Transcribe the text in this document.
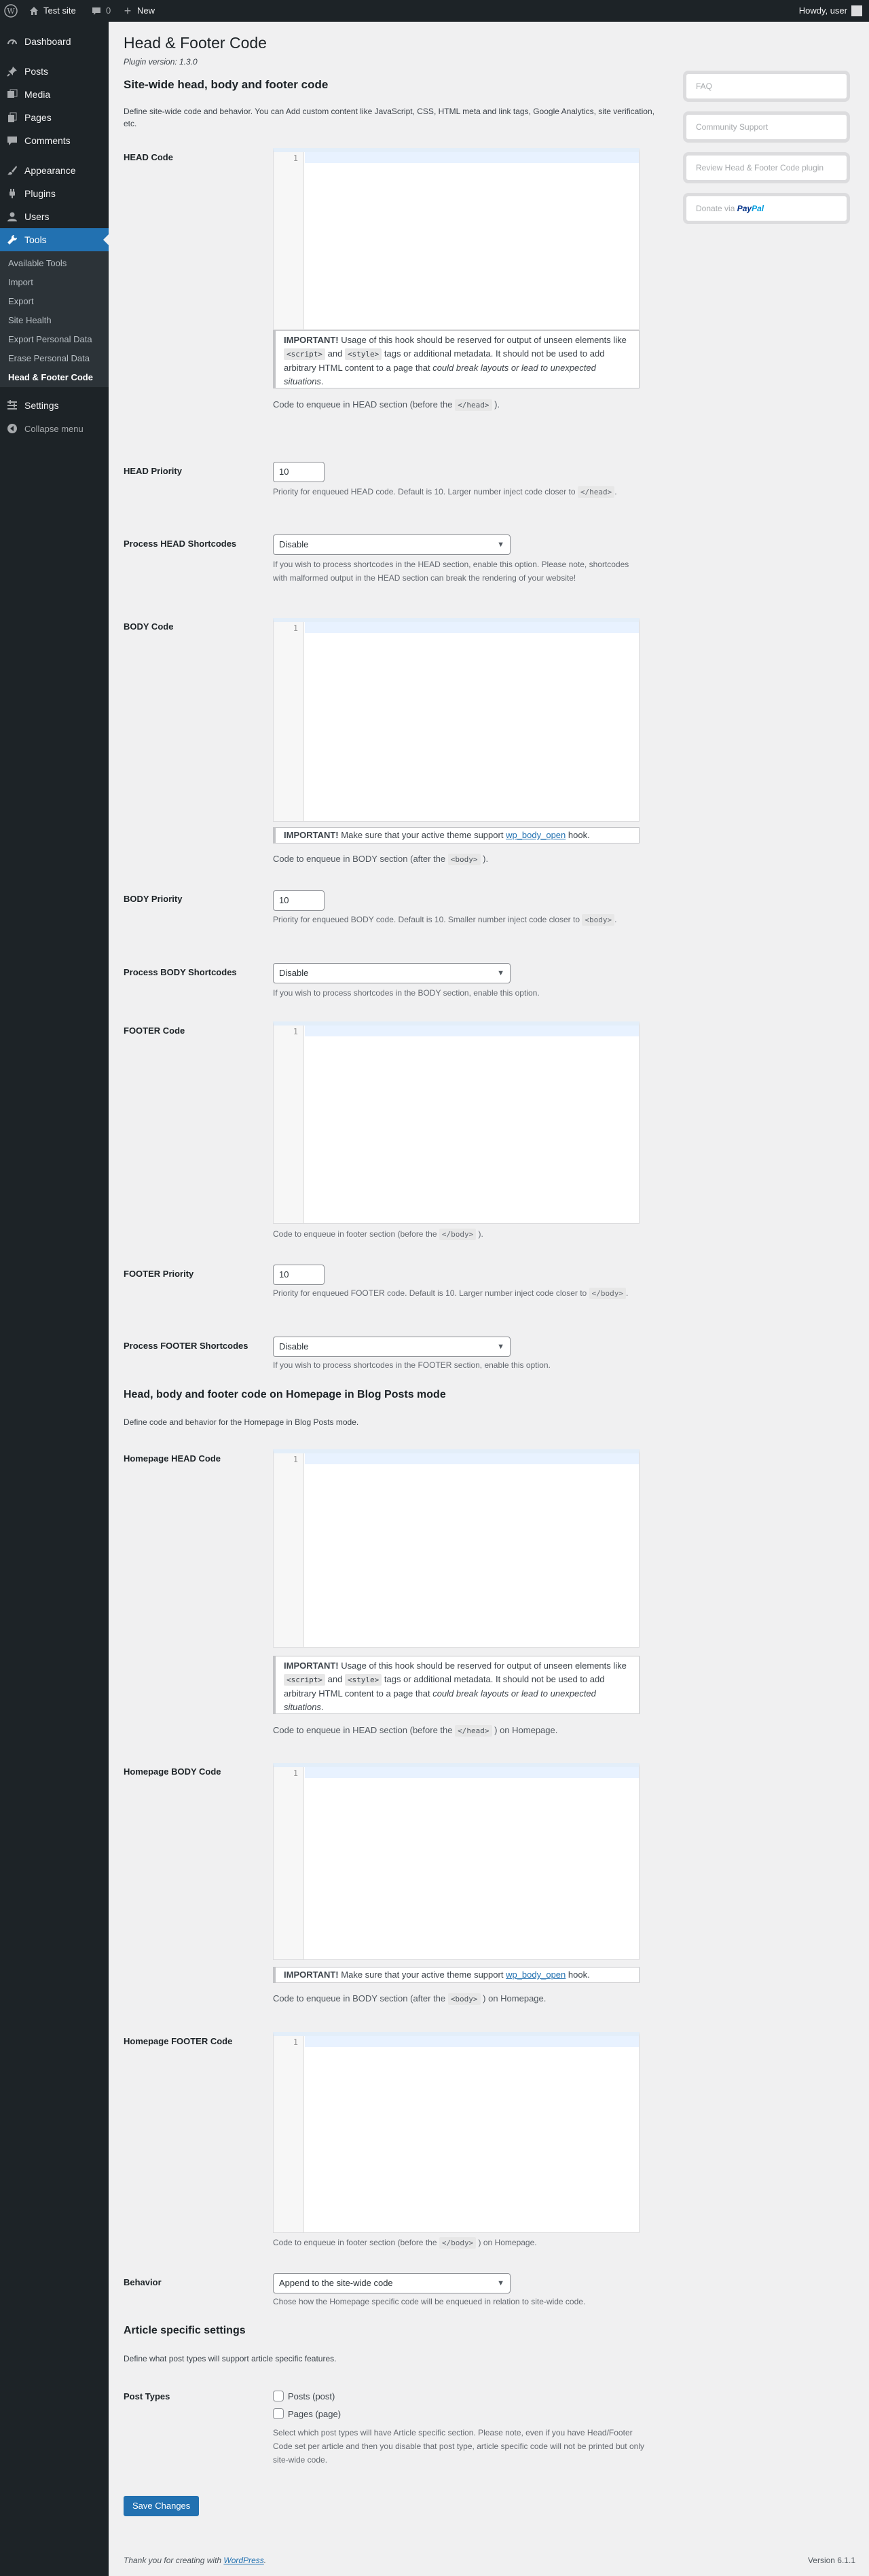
W	Test site	0 + New	Howdy, user
Dashboard
Posts
Media
Pages
Comments
Appearance
Plugins
Users
Tools
Available Tools
Import
Export
Site Health
Export Personal Data
Erase Personal Data
Head & Footer Code
Settings
Collapse menu
Head & Footer Code
Plugin version: 1.3.0
FAQ
Community Support
Review Head & Footer Code plugin
Donate via PayPal
Site-wide head, body and footer code
Define site-wide code and behavior. You can Add custom content like JavaScript, CSS, HTML meta and link tags, Google Analytics, site verification, etc.
HEAD Code	1
IMPORTANT! Usage of this hook should be reserved for output of unseen elements like <script> and <style> tags or additional metadata. It should not be used to add arbitrary HTML content to a page that could break layouts or lead to unexpected situations.
Code to enqueue in HEAD section (before the </head> ).
HEAD Priority	10
Priority for enqueued HEAD code. Default is 10. Larger number inject code closer to </head> .
Process HEAD Shortcodes	Disable	▼
If you wish to process shortcodes in the HEAD section, enable this option. Please note, shortcodes with malformed output in the HEAD section can break the rendering of your website!
BODY Code	1
IMPORTANT! Make sure that your active theme support wp_body_open hook.
Code to enqueue in BODY section (after the <body> ).
BODY Priority	10
Priority for enqueued BODY code. Default is 10. Smaller number inject code closer to <body> .
Process BODY Shortcodes	Disable	▼
If you wish to process shortcodes in the BODY section, enable this option.
FOOTER Code	1
Code to enqueue in footer section (before the </body> ).
FOOTER Priority	10
Priority for enqueued FOOTER code. Default is 10. Larger number inject code closer to </body> .
Process FOOTER Shortcodes	Disable	▼
If you wish to process shortcodes in the FOOTER section, enable this option.
Head, body and footer code on Homepage in Blog Posts mode
Define code and behavior for the Homepage in Blog Posts mode.
Homepage HEAD Code	1
IMPORTANT! Usage of this hook should be reserved for output of unseen elements like <script> and <style> tags or additional metadata. It should not be used to add arbitrary HTML content to a page that could break layouts or lead to unexpected situations.
Code to enqueue in HEAD section (before the </head> ) on Homepage.
Homepage BODY Code	1
IMPORTANT! Make sure that your active theme support wp_body_open hook.
Code to enqueue in BODY section (after the <body> ) on Homepage.
Homepage FOOTER Code	1
Code to enqueue in footer section (before the </body> ) on Homepage.
Behavior	Append to the site-wide code	▼
Chose how the Homepage specific code will be enqueued in relation to site-wide code.
Article specific settings
Define what post types will support article specific features.
Post Types	Posts (post)
Pages (page)
Select which post types will have Article specific section. Please note, even if you have Head/Footer Code set per article and then you disable that post type, article specific code will not be printed but only site-wide code.
Save Changes
Thank you for creating with WordPress.	Version 6.1.1
